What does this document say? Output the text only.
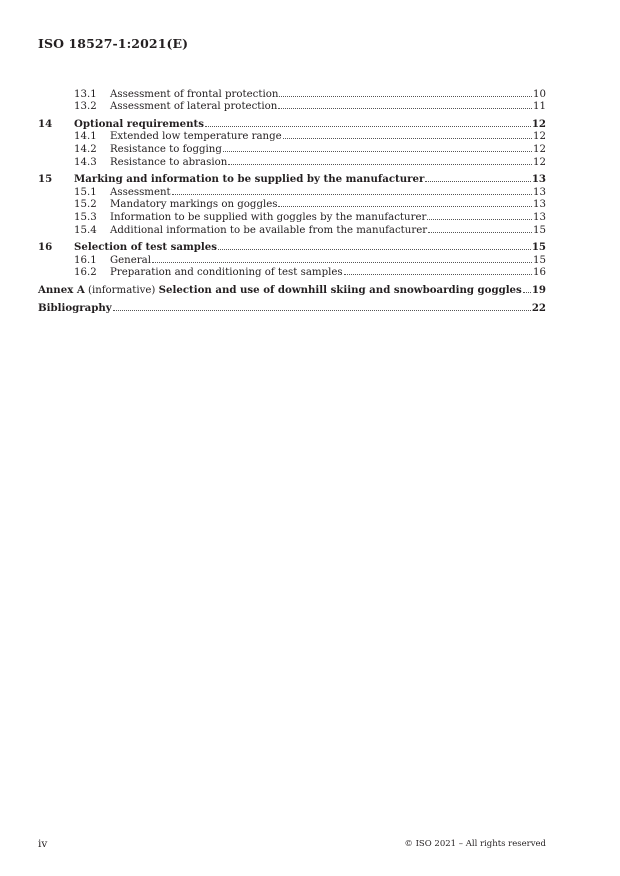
ISO 18527-1:2021(E)
13.1	Assessment of frontal protection	10
13.2	Assessment of lateral protection	11
14	Optional requirements	12
14.1	Extended low temperature range	12
14.2	Resistance to fogging	12
14.3	Resistance to abrasion	12
15	Marking and information to be supplied by the manufacturer	13
15.1	Assessment	13
15.2	Mandatory markings on goggles	13
15.3	Information to be supplied with goggles by the manufacturer	13
15.4	Additional information to be available from the manufacturer	15
16	Selection of test samples	15
16.1	General	15
16.2	Preparation and conditioning of test samples	16
Annex A (informative) Selection and use of downhill skiing and snowboarding goggles 19
Bibliography	22
iv	© ISO 2021 – All rights reserved
